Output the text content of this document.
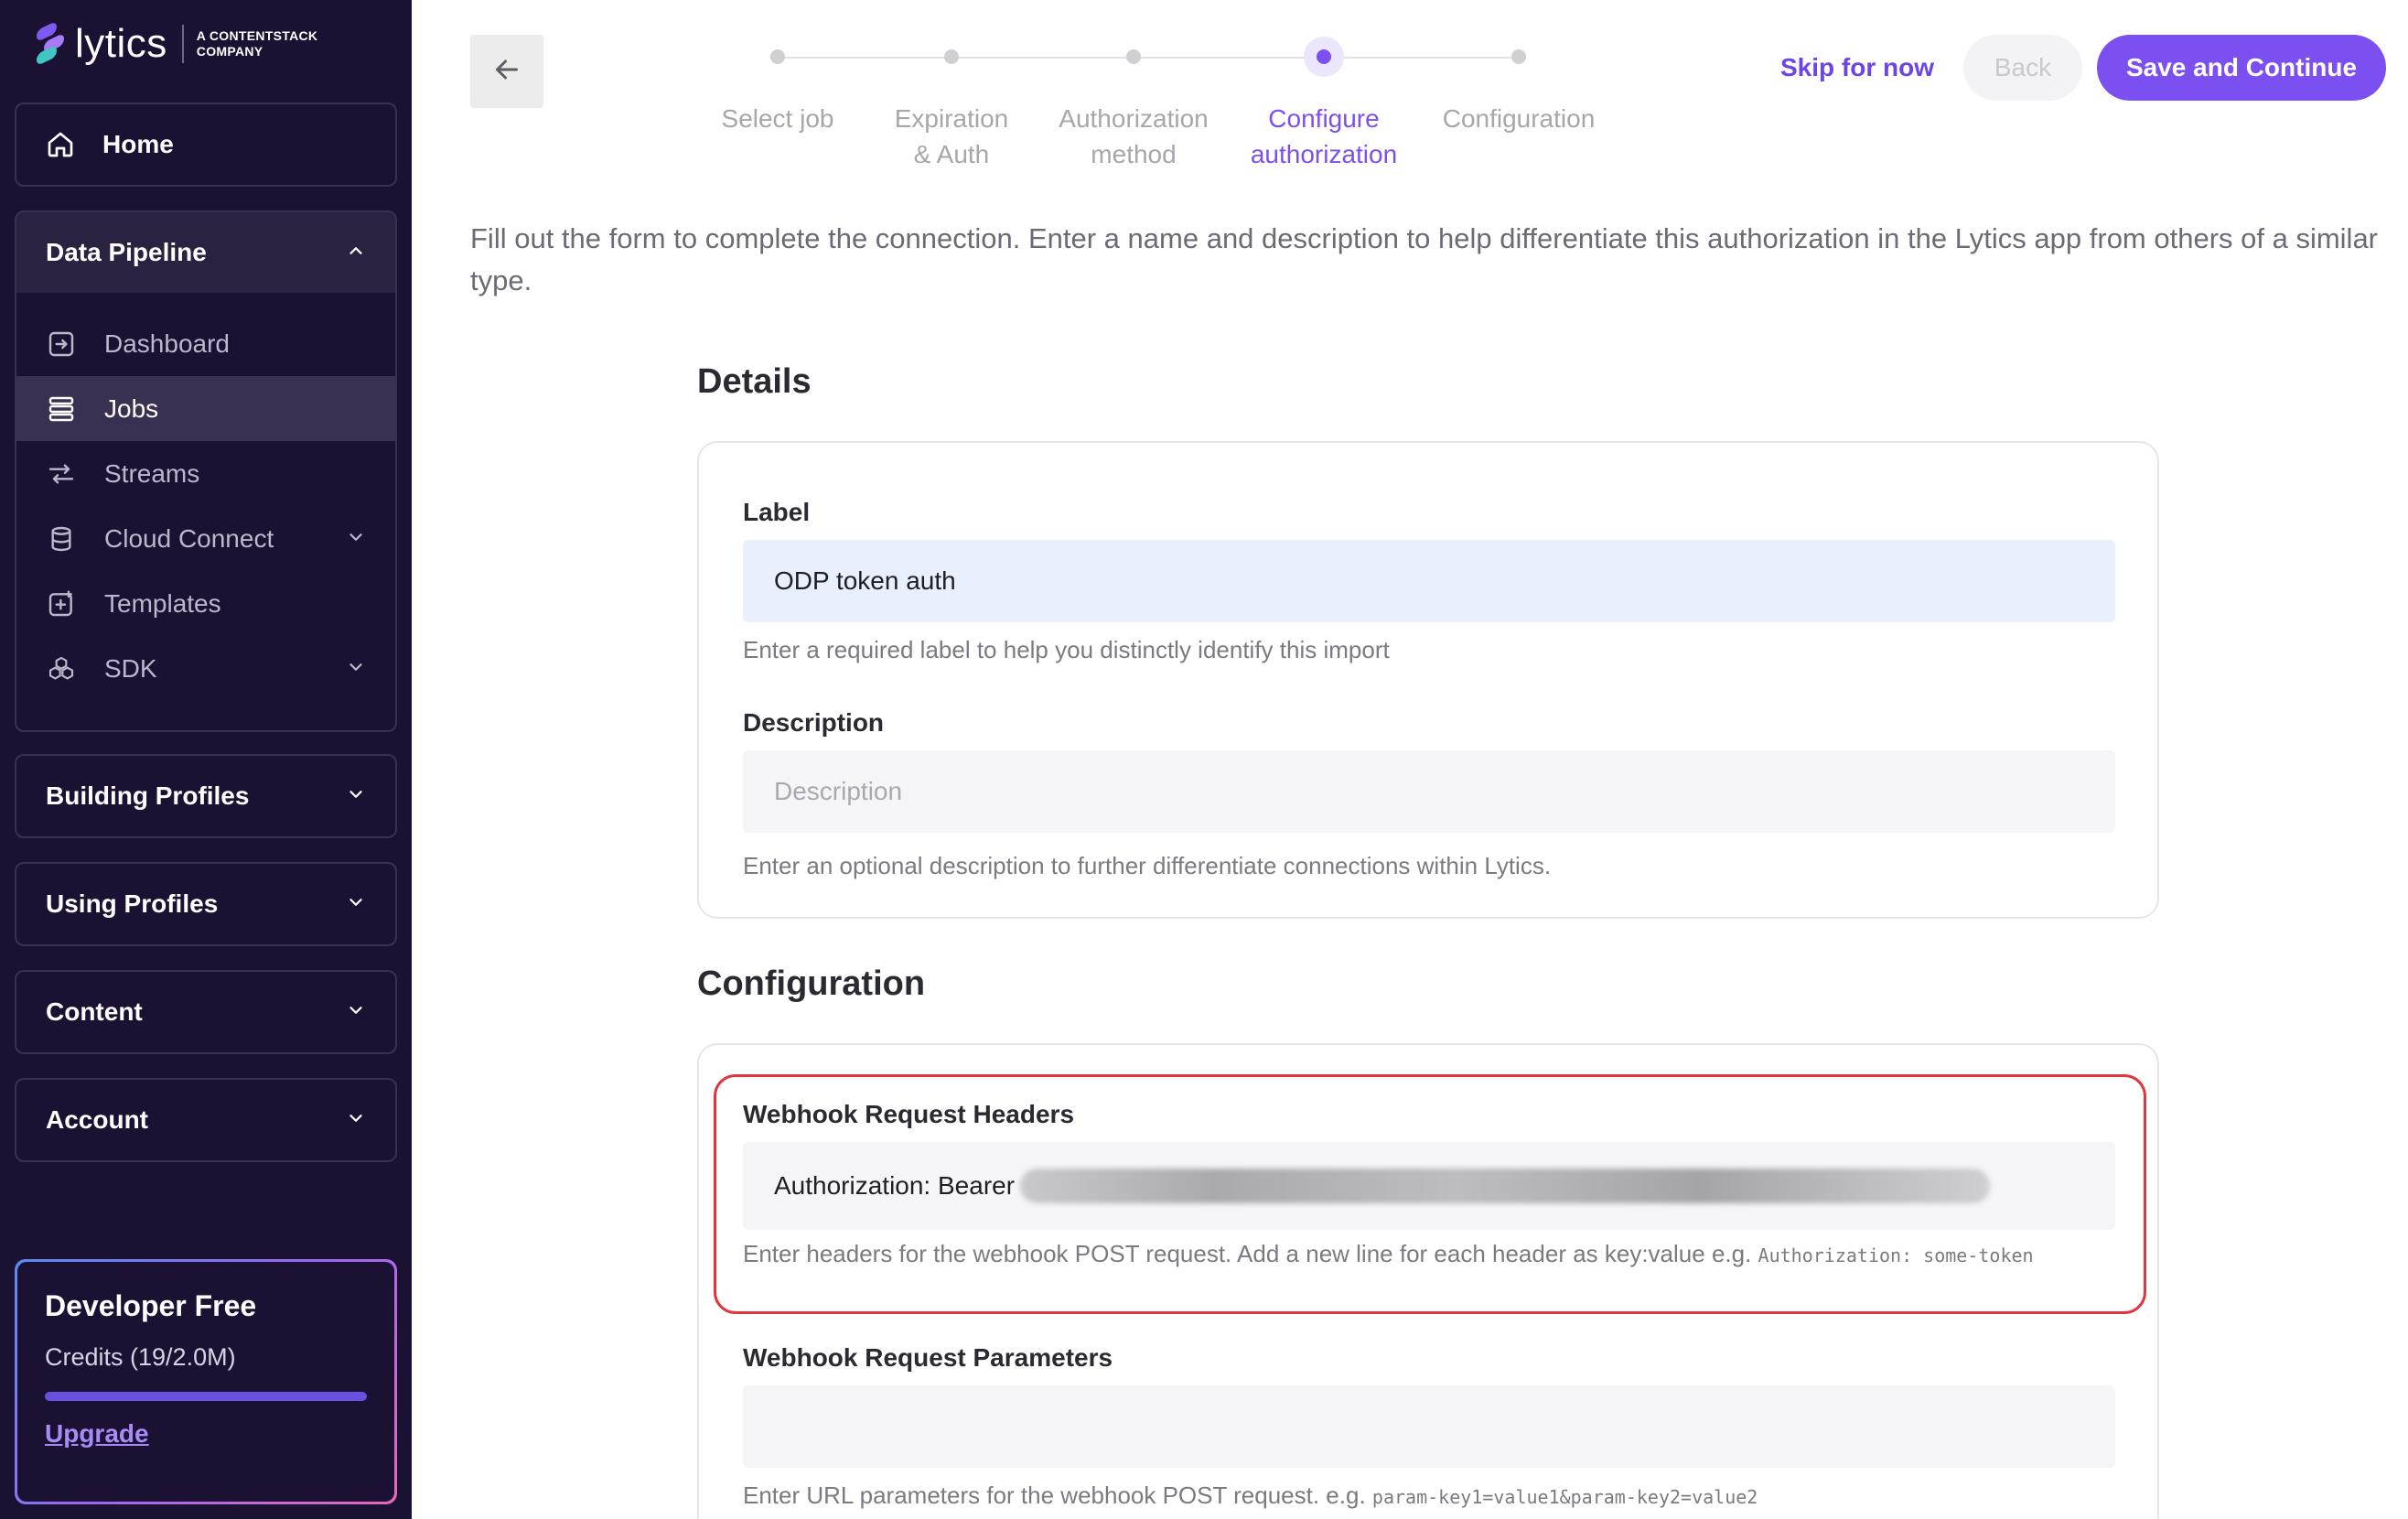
lytics A CONTENTSTACK
COMPANY
Home
Data Pipeline
Dashboard
Jobs
Streams
Cloud Connect
Templates
SDK
Building Profiles
Using Profiles
Content
Account
Developer Free
Credits (19/2.0M)
Upgrade
Select job	Expiration
& Auth
Authorization
method
Configure
authorization
Configuration
Skip for now	Back	Save and Continue

Fill out the form to complete the connection. Enter a name and description to help differentiate this authorization in the Lytics app from others of a similar type.

Details
Label
ODP token auth
Enter a required label to help you distinctly identify this import
Description
Description
Enter an optional description to further differentiate connections within Lytics.
Configuration
Webhook Request Headers
Authorization: Bearer
Enter headers for the webhook POST request. Add a new line for each header as key:value e.g. Authorization: some-token
Webhook Request Parameters
Enter URL parameters for the webhook POST request. e.g. param-key1=value1&param-key2=value2
